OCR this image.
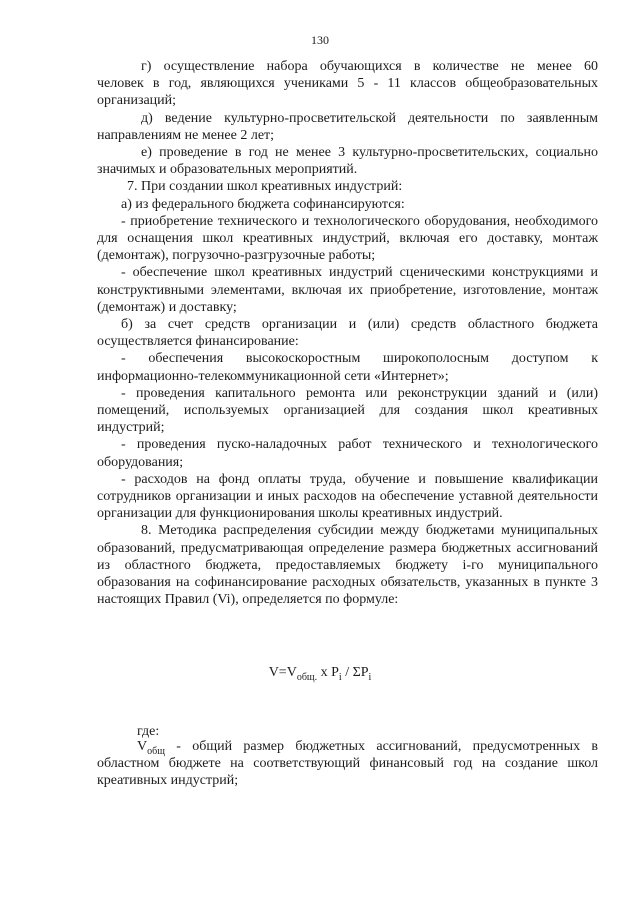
130

г) осуществление набора обучающихся в количестве не менее 60 человек в год, являющихся учениками 5 - 11 классов общеобразовательных организаций;

д) ведение культурно-просветительской деятельности по заявленным направлениям не менее 2 лет;

е) проведение в год не менее 3 культурно-просветительских, социально значимых и образовательных мероприятий.

7. При создании школ креативных индустрий:

а) из федерального бюджета софинансируются:

- приобретение технического и технологического оборудования, необходимого для оснащения школ креативных индустрий, включая его доставку, монтаж (демонтаж), погрузочно-разгрузочные работы;

- обеспечение школ креативных индустрий сценическими конструкциями и конструктивными элементами, включая их приобретение, изготовление, монтаж (демонтаж) и доставку;

б) за счет средств организации и (или) средств областного бюджета осуществляется финансирование:

- обеспечения высокоскоростным широкополосным доступом к информационно-телекоммуникационной сети «Интернет»;

- проведения капитального ремонта или реконструкции зданий и (или) помещений, используемых организацией для создания школ креативных индустрий;

- проведения пуско-наладочных работ технического и технологического оборудования;

- расходов на фонд оплаты труда, обучение и повышение квалификации сотрудников организации и иных расходов на обеспечение уставной деятельности организации для функционирования школы креативных индустрий.

8. Методика распределения субсидии между бюджетами муниципальных образований, предусматривающая определение размера бюджетных ассигнований из областного бюджета, предоставляемых бюджету i-го муниципального образования на софинансирование расходных обязательств, указанных в пункте 3 настоящих Правил (Vi), определяется по формуле:

$V=V_{общ.}$ х $P_i / \Sigma P_i$
где:

$V_{общ}$ - общий размер бюджетных ассигнований, предусмотренных в областном бюджете на соответствующий финансовый год на создание школ креативных индустрий;
